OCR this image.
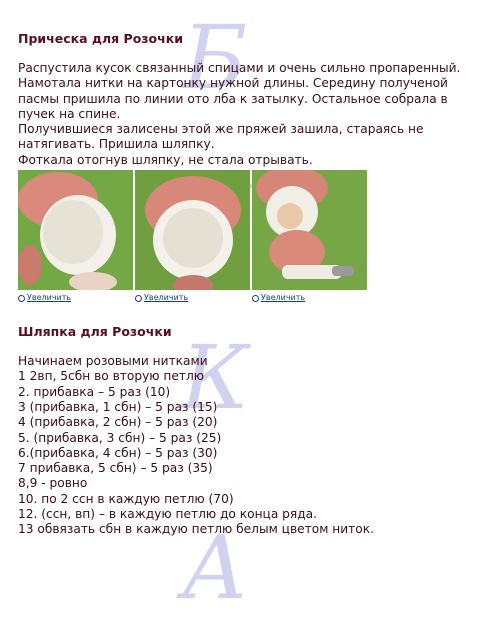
Б
К
А
Прическа для Розочки

Распустила кусок связанный спицами и очень сильно пропаренный.

Намотала нитки на картонку нужной длины. Середину полученой

пасмы пришила по линии ото лба к затылку. Остальное собрала в

пучек на спине.

Получившиеся залисены этой же пряжей зашила, стараясь не

натягивать. Пришила шляпку.

Фоткала отогнув шляпку, не стала отрывать.

Увеличить	Увеличить	Увеличить
Шляпка для Розочки

Начинаем розовыми нитками

1 2вп, 5сбн во вторую петлю

2. прибавка – 5 раз (10)

3 (прибавка, 1 сбн) – 5 раз (15)

4 (прибавка, 2 сбн) – 5 раз (20)

5. (прибавка, 3 сбн) – 5 раз (25)

6.(прибавка, 4 сбн) – 5 раз (30)

7 прибавка, 5 сбн) – 5 раз (35)

8,9 - ровно

10. по 2 ссн в каждую петлю (70)

12. (ссн, вп) – в каждую петлю до конца ряда.

13 обвязать сбн в каждую петлю белым цветом ниток.
